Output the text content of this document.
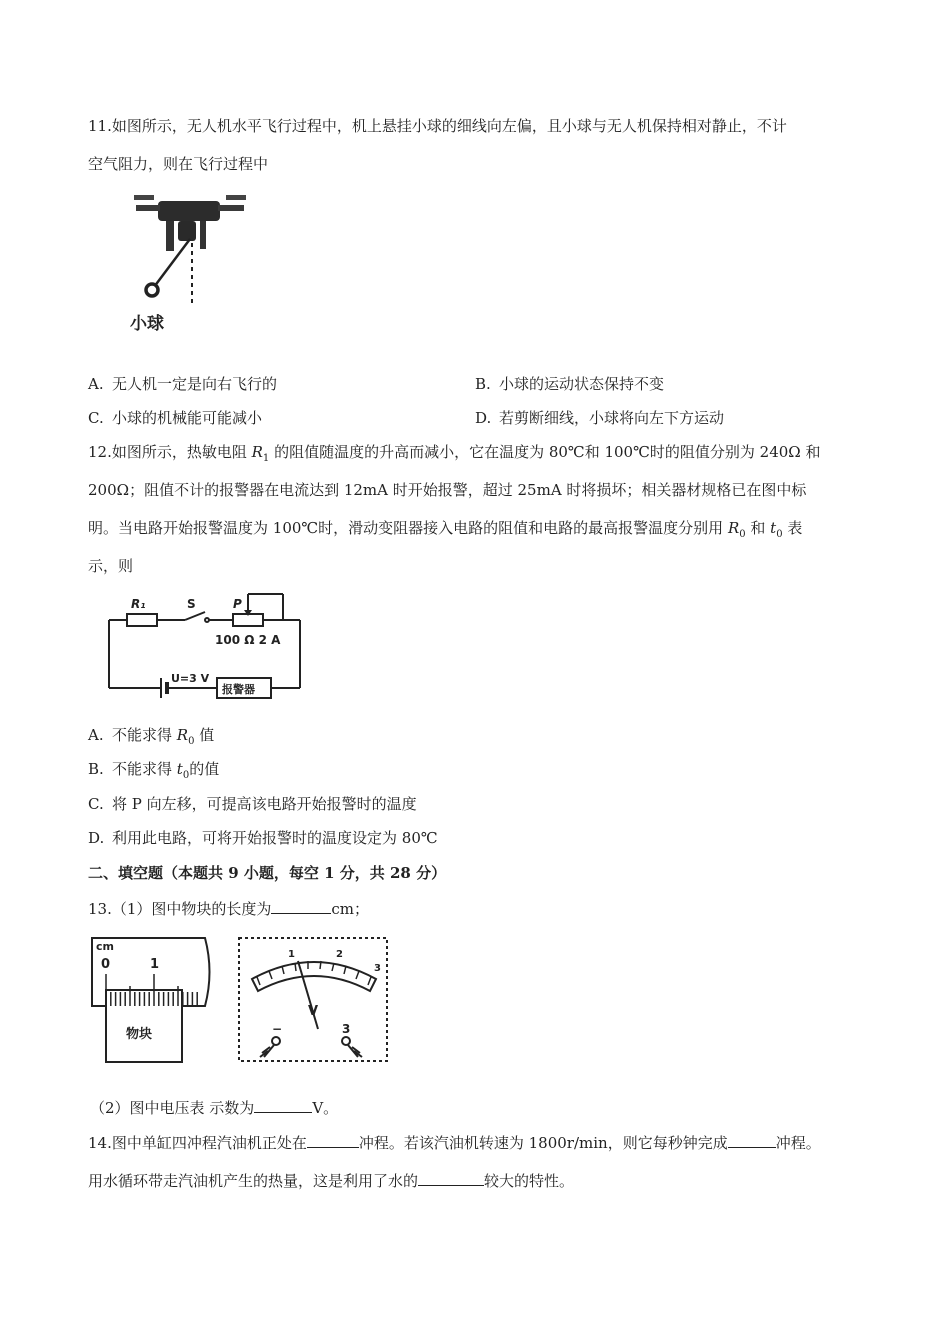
11.如图所示，无人机水平飞行过程中，机上悬挂小球的细线向左偏，且小球与无人机保持相对静止，不计
空气阻力，则在飞行过程中
小球
A. 无人机一定是向右飞行的	B. 小球的运动状态保持不变
C. 小球的机械能可能减小	D. 若剪断细线，小球将向左下方运动
12.如图所示，热敏电阻 $R_1$ 的阻值随温度的升高而减小，它在温度为 80℃和 100℃时的阻值分别为 240Ω 和
200Ω；阻值不计的报警器在电流达到 12mA 时开始报警，超过 25mA 时将损坏；相关器材规格已在图中标
明。当电路开始报警温度为 100℃时，滑动变阻器接入电路的阻值和电路的最高报警温度分别用 $R_0$ 和 $t_0$ 表
示，则
R₁	S	P
100 Ω 2 A
U=3 V
报警器
A. 不能求得 $R_0$ 值
B. 不能求得 $t_0$的值
C. 将 P 向左移，可提高该电路开始报警时的温度
D. 利用此电路，可将开始报警时的温度设定为 80℃
二、填空题（本题共 9 小题，每空 1 分，共 28 分）
13.（1）图中物块的长度为	cm；
cm
0	1
物块
1	2
3
V
−	3
（2）图中电压表 示数为	V。
14.图中单缸四冲程汽油机正处在	冲程。若该汽油机转速为 1800r/min，则它每秒钟完成	冲程。
用水循环带走汽油机产生的热量，这是利用了水的	较大的特性。
